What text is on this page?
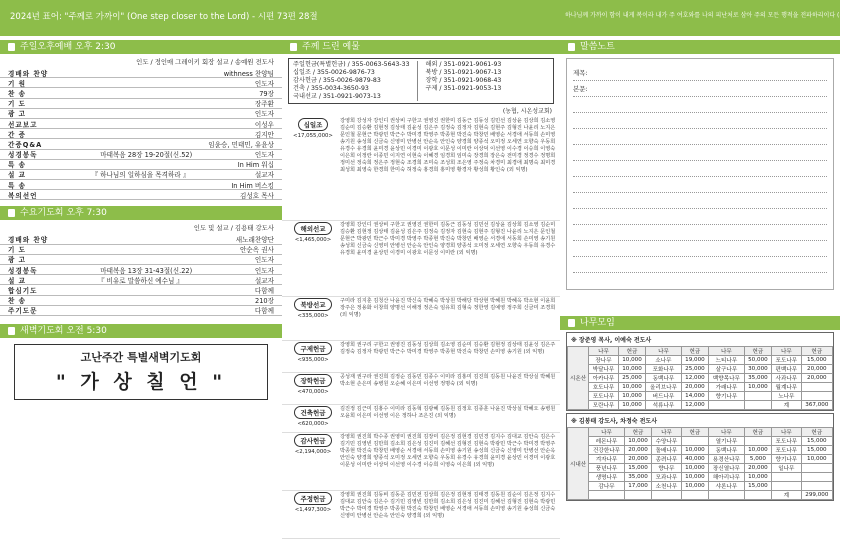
2024년 표어: "주께로 가까이" (One step closer to the Lord) - 시편 73편 28절	하나님께 가까이 함이 내게 복이라 내가 주 여호와를 나의 피난처로 삼아 주의 모든 행적을 전파하리이다 (시 73:28)
주일오후예배 오후 2:30
인도 / 정인매 그레이키 회장 설교 / 송예원 전도사
경배와 찬양	withness 찬양팀
기 원	인도자
찬 송	79장
기 도	장주환
광 고	인도자
선교보고	이성우
간 증	김지안
간증Q&A	임윤승, 민태민, 유윤상
성경봉독	마태복음 28장 19-20절(신.52)	인도자
특 송	In Him 워십
설 교	『 하나님의 일하심을 목격하라 』	설교자
특 송	In Him 버스킹
복의선언	김성호 목사
수요기도회 오후 7:30
인도 및 설교 / 김용태 강도사
경배와 찬양	새노래찬양단
기 도	안순옥 권사
광 고	인도자
성경봉독	마태복음 13장 31-43절(신.22)	인도자
설 교	『 비유로 말씀하신 예수님 』	설교자
합심기도	다함께
찬 송	210장
주기도문	다함께
새벽기도회 오전 5:30
고난주간 특별새벽기도회
" 가 상 칠 언 "
주께 드린 예물
주일헌금(특별헌금) / 355-0063-5643-33
십일조 / 355-0026-9876-73
감사헌금 / 355-0026-9879-83
건축 / 355-0034-3650-93
국내선교 / 351-0921-9073-13
해외 / 351-0921-9061-93
북방 / 351-0921-9067-13
장학 / 351-0921-9068-43
구제 / 351-0921-9053-13
(농협, 시온성교회)
십일조
<17,055,000>
강영희 강성자 강인디 권상비 구한고 권영진 권한미 김동근 김동성 김민선 김상윤 김상희 김소영 김순미 김승환 김현정 김상태 김윤성 김은주 김정숙 김정자 김현숙 김현주 김형진 나윤리 노지은 문인철 문현근 박광민 박근수 박미경 박영주 박종현 박진숙 박창민 배영순 서경애 서동희 손미영 송기원 송성희 신금숙 신영미 안병선 안순옥 안인숙 양경희 양종석 오미정 오세연 오향숙 우동희 유경수 유경희 윤미경 윤상민 이경미 이광호 이문성 이미란 이상덕 이선영 이수경 이승희 이영숙 이은희 이정란 이종민 이지연 이현숙 이혜경 임경희 임미숙 장경희 장은숙 전미경 정경수 정명희 정미선 정숙희 정은주 정현숙 조경희 조미숙 조성희 조은영 주정숙 차경미 최경애 최명숙 최미경 최성희 최영숙 한경희 한미숙 허정숙 홍경희 홍미영 황경자 황성희 황인숙 (외 익명)
해외선교
<1,465,000>
강영희 강인디 권상비 구한고 권영진 권한미 김동근 김동성 김민선 김상윤 김상희 김소영 김순미 김승환 김현정 김상태 김윤성 김은주 김정숙 김정자 김현숙 김현주 김형진 나윤리 노지은 문인철 문현근 박광민 박근수 박미경 박영주 박종현 박진숙 박창민 배영순 서경애 서동희 손미영 송기원 송성희 신금숙 신영미 안병선 안순옥 안인숙 양경희 양종석 오미정 오세연 오향숙 우동희 유경수 유경희 윤미경 윤상민 이경미 이광호 이문성 이미란 (외 익명)
북방선교
<335,000>
구미라 김지훈 김청산 나윤진 박신숙 박혜숙 박상원 박해당 박상현 박혜원 박혜옥 박소현 이윤희 장주은 정용화 이창희 양명선 이해정 정은숙 임유희 김형숙 정한영 김예영 정주희 신금미 조경희 (외 익명)
구제헌금
<935,000>
강영희 권구리 구한고 권영진 김동성 김상희 김소영 김순미 김승환 김현정 김상태 김윤성 김은주 김정숙 김정자 박광민 박근수 박미경 박영주 박종현 박진숙 박창민 손미영 송기원 (외 익명)
장학헌금
<470,000>
공성재 권구라 권진희 김정순 김동민 김종수 이미라 김홍미 김진희 김동원 나윤진 박상실 박혜원 박소현 손은미 송병원 오순혜 이은미 이선영 정명숙 (외 익명)
건축헌금
<620,000>
김진정 김근미 김홍수 이미라 김동혁 김광혜 김동원 김정호 김종훈 나윤진 박상실 박혜오 송병원 오윤희 이은미 이선영 이은 정하나 조은진 (외 익명)
감사헌금
<2,194,000>
강영희 권진희 박수종 권영미 권진희 김장미 김은정 김현경 김민경 김지수 김대교 김안숙 김은수 김기민 김영빈 김만희 김소희 김은성 김진미 김혜선 김형진 김현숙 박광민 박근수 박미경 박영주 박종현 박진숙 박창민 배영순 서경애 서동희 손미영 송기원 송성희 신금숙 신영미 안병선 안순옥 안인숙 양경희 양종석 오미정 오세연 오향숙 우동희 유경수 유경희 윤미경 윤상민 이경미 이광호 이문성 이미란 이상덕 이선영 이수경 이승희 이영숙 이은희 (외 익명)
주정헌금
<1,497,300>
강영희 권진희 김동비 김동준 김민전 김상희 김은정 김현정 김태경 김동원 김순이 김은정 김지수 김대교 김안숙 김은수 김기민 김영빈 김만희 김소희 김은성 김진미 김혜선 김형진 김현숙 박광민 박근수 박미경 박영주 박종현 박진숙 박창민 배영순 서경애 서동희 손미영 송기원 송성희 신금숙 신영미 안병선 안순옥 안인숙 양경희 (외 익명)
말씀노트
제목:
본문:
나무모임
※ 장준영 목사, 이예숙 전도사
시온산	나무	헌금	나무	헌금	나무	헌금	나무	헌금
	장나무	10,000	소나무	19,000	느티나무	50,000	포도나무	15,000
	박달나무	10,000	포화나무	25,000	살구나무	30,000	편백나무	20,000
	아카나무	25,000	동백나무	12,000	백향목나무	35,000	사과나무	20,000
	호도나무	10,000	올리브나무	20,000	가래나무	10,000	월계나무	
	포도나무	10,000	버드나무	14,000	향기나무		노나무	
	모란나무	10,000	석류나무	12,000			계	367,000
※ 김봉태 강도사, 차정숙 전도사
시내산	나무	헌금	나무	헌금	나무	헌금	나무	헌금
	레몬나무	10,000	수양나무		열기나무		포도나무	15,000
	건강한나무	20,000	돌배나무	10,000	동백나무	10,000	포도나무	15,000
	겨자나무	20,000	종려나무	40,000	용경산나무	5,000	향기나무	10,000
	풍년나무	15,000	향나무	10,000	장신열나무	20,000	일나무	
	생명나무	35,000	모과나무	10,000	해아리나무	10,000		
	감나무	17,000	소천나무	10,000	샤론나무	15,000		
							계	299,000
